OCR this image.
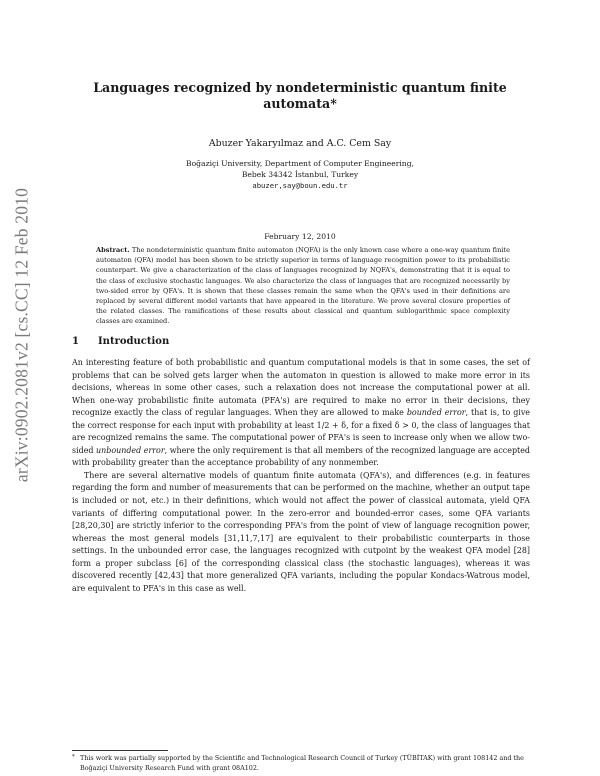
arXiv:0902.2081v2 [cs.CC] 12 Feb 2010
Languages recognized by nondeterministic quantum finite automata*
Abuzer Yakaryılmaz and A.C. Cem Say
Boğaziçi University, Department of Computer Engineering,
Bebek 34342 İstanbul, Turkey
abuzer,say@boun.edu.tr
February 12, 2010

Abstract. The nondeterministic quantum finite automaton (NQFA) is the only known case where a one-way quantum finite automaton (QFA) model has been shown to be strictly superior in terms of language recognition power to its probabilistic counterpart. We give a characterization of the class of languages recognized by NQFA's, demonstrating that it is equal to the class of exclusive stochastic languages. We also characterize the class of languages that are recognized necessarily by two-sided error by QFA's. It is shown that these classes remain the same when the QFA's used in their definitions are replaced by several different model variants that have appeared in the literature. We prove several closure properties of the related classes. The ramifications of these results about classical and quantum sublogarithmic space complexity classes are examined.

1 Introduction

An interesting feature of both probabilistic and quantum computational models is that in some cases, the set of problems that can be solved gets larger when the automaton in question is allowed to make more error in its decisions, whereas in some other cases, such a relaxation does not increase the computational power at all. When one-way probabilistic finite automata (PFA's) are required to make no error in their decisions, they recognize exactly the class of regular languages. When they are allowed to make bounded error, that is, to give the correct response for each input with probability at least 1/2 + δ, for a fixed δ > 0, the class of languages that are recognized remains the same. The computational power of PFA's is seen to increase only when we allow two-sided unbounded error, where the only requirement is that all members of the recognized language are accepted with probability greater than the acceptance probability of any nonmember.

There are several alternative models of quantum finite automata (QFA's), and differences (e.g. in features regarding the form and number of measurements that can be performed on the machine, whether an output tape is included or not, etc.) in their definitions, which would not affect the power of classical automata, yield QFA variants of differing computational power. In the zero-error and bounded-error cases, some QFA variants [28,20,30] are strictly inferior to the corresponding PFA's from the point of view of language recognition power, whereas the most general models [31,11,7,17] are equivalent to their probabilistic counterparts in those settings. In the unbounded error case, the languages recognized with cutpoint by the weakest QFA model [28] form a proper subclass [6] of the corresponding classical class (the stochastic languages), whereas it was discovered recently [42,43] that more generalized QFA variants, including the popular Kondacs-Watrous model, are equivalent to PFA's in this case as well.

* This work was partially supported by the Scientific and Technological Research Council of Turkey (TÜBİTAK) with grant 108142 and the Boğaziçi University Research Fund with grant 08A102.
